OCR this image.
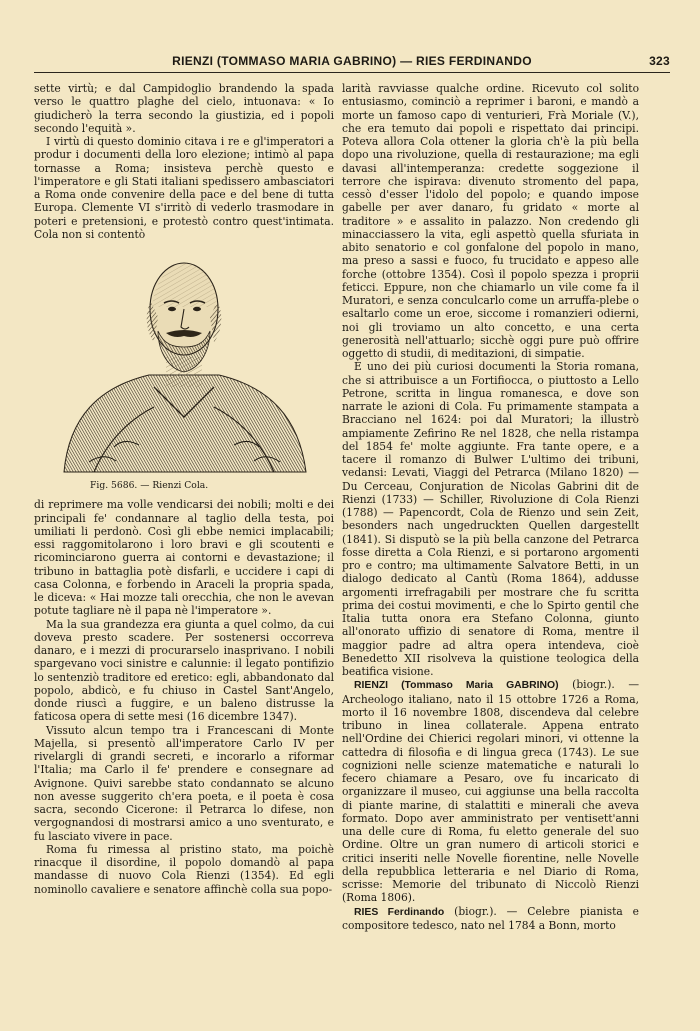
RIENZI (TOMMASO MARIA GABRINO) — RIES FERDINANDO	323

sette virtù; e dal Campidoglio brandendo la spada verso le quattro plaghe del cielo, intuonava: « Io giudicherò la terra secondo la giustizia, ed i popoli secondo l'equità ».

I virtù di questo dominio citava i re e gl'imperatori a produr i documenti della loro elezione; intimò al papa tornasse a Roma; insisteva perchè questo e l'imperatore e gli Stati italiani spedissero ambasciatori a Roma onde convenire della pace e del bene di tutta Europa. Clemente VI s'irritò di vederlo trasmodare in poteri e pretensioni, e protestò contro quest'intimata. Cola non si contentò

Fig. 5686. — Rienzi Cola.

di reprimere ma volle vendicarsi dei nobili; molti e dei principali fe' condannare al taglio della testa, poi umiliati li perdonò. Così gli ebbe nemici implacabili; essi raggomitolarono i loro bravi e gli scoutenti e ricominciarono guerra ai contorni e devastazione; il tribuno in battaglia potè disfarli, e uccidere i capi di casa Colonna, e forbendo in Araceli la propria spada, le diceva: « Hai mozze tali orecchia, che non le avevan potute tagliare nè il papa nè l'imperatore ».

Ma la sua grandezza era giunta a quel colmo, da cui doveva presto scadere. Per sostenersi occorreva danaro, e i mezzi di procurarselo inasprivano. I nobili spargevano voci sinistre e calunnie: il legato pontifizio lo sentenziò traditore ed eretico: egli, abbandonato dal popolo, abdicò, e fu chiuso in Castel Sant'Angelo, donde riuscì a fuggire, e un baleno distrusse la faticosa opera di sette mesi (16 dicembre 1347).

Vissuto alcun tempo tra i Francescani di Monte Majella, si presentò all'imperatore Carlo IV per rivelargli di grandi secreti, e incorarlo a riformar l'Italia; ma Carlo il fe' prendere e consegnare ad Avignone. Quivi sarebbe stato condannato se alcuno non avesse suggerito ch'era poeta, e il poeta è cosa sacra, secondo Cicerone: il Petrarca lo difese, non vergognandosi di mostrarsi amico a uno sventurato, e fu lasciato vivere in pace.

Roma fu rimessa al pristino stato, ma poichè rinacque il disordine, il popolo domandò al papa mandasse di nuovo Cola Rienzi (1354). Ed egli nominollo cavaliere e senatore affinchè colla sua popo-

larità ravviasse qualche ordine. Ricevuto col solito entusiasmo, cominciò a reprimer i baroni, e mandò a morte un famoso capo di venturieri, Frà Moriale (V.), che era temuto dai popoli e rispettato dai principi. Poteva allora Cola ottener la gloria ch'è la più bella dopo una rivoluzione, quella di restaurazione; ma egli davasi all'intemperanza: credette soggezione il terrore che ispirava: divenuto stromento del papa, cessò d'esser l'idolo del popolo; e quando impose gabelle per aver danaro, fu gridato « morte al traditore » e assalito in palazzo. Non credendo gli minacciassero la vita, egli aspettò quella sfuriata in abito senatorio e col gonfalone del popolo in mano, ma preso a sassi e fuoco, fu trucidato e appeso alle forche (ottobre 1354). Così il popolo spezza i proprii feticci. Eppure, non che chiamarlo un vile come fa il Muratori, e senza conculcarlo come un arruffa-plebe o esaltarlo come un eroe, siccome i romanzieri odierni, noi gli troviamo un alto concetto, e una certa generosità nell'attuarlo; sicchè oggi pure può offrire oggetto di studii, di meditazioni, di simpatie.

È uno dei più curiosi documenti la Storia romana, che si attribuisce a un Fortifiocca, o piuttosto a Lello Petrone, scritta in lingua romanesca, e dove son narrate le azioni di Cola. Fu primamente stampata a Bracciano nel 1624: poi dal Muratori; la illustrò ampiamente Zefirino Re nel 1828, che nella ristampa del 1854 fe' molte aggiunte. Fra tante opere, e a tacere il romanzo di Bulwer L'ultimo dei tribuni, vedansi: Levati, Viaggi del Petrarca (Milano 1820) — Du Cerceau, Conjuration de Nicolas Gabrini dit de Rienzi (1733) — Schiller, Rivoluzione di Cola Rienzi (1788) — Papencordt, Cola de Rienzo und sein Zeit, besonders nach ungedruckten Quellen dargestellt (1841). Si disputò se la più bella canzone del Petrarca fosse diretta a Cola Rienzi, e si portarono argomenti pro e contro; ma ultimamente Salvatore Betti, in un dialogo dedicato al Cantù (Roma 1864), addusse argomenti irrefragabili per mostrare che fu scritta prima dei costui movimenti, e che lo Spirto gentil che Italia tutta onora era Stefano Colonna, giunto all'onorato uffizio di senatore di Roma, mentre il maggior padre ad altra opera intendeva, cioè Benedetto XII risolveva la quistione teologica della beatifica visione.

RIENZI (Tommaso Maria GABRINO) (biogr.). — Archeologo italiano, nato il 15 ottobre 1726 a Roma, morto il 16 novembre 1808, discendeva dal celebre tribuno in linea collaterale. Appena entrato nell'Ordine dei Chierici regolari minori, vi ottenne la cattedra di filosofia e di lingua greca (1743). Le sue cognizioni nelle scienze matematiche e naturali lo fecero chiamare a Pesaro, ove fu incaricato di organizzare il museo, cui aggiunse una bella raccolta di piante marine, di stalattiti e minerali che aveva formato. Dopo aver amministrato per ventisett'anni una delle cure di Roma, fu eletto generale del suo Ordine. Oltre un gran numero di articoli storici e critici inseriti nelle Novelle fiorentine, nelle Novelle della repubblica letteraria e nel Diario di Roma, scrisse: Memorie del tribunato di Niccolò Rienzi (Roma 1806).

RIES Ferdinando (biogr.). — Celebre pianista e compositore tedesco, nato nel 1784 a Bonn, morto
